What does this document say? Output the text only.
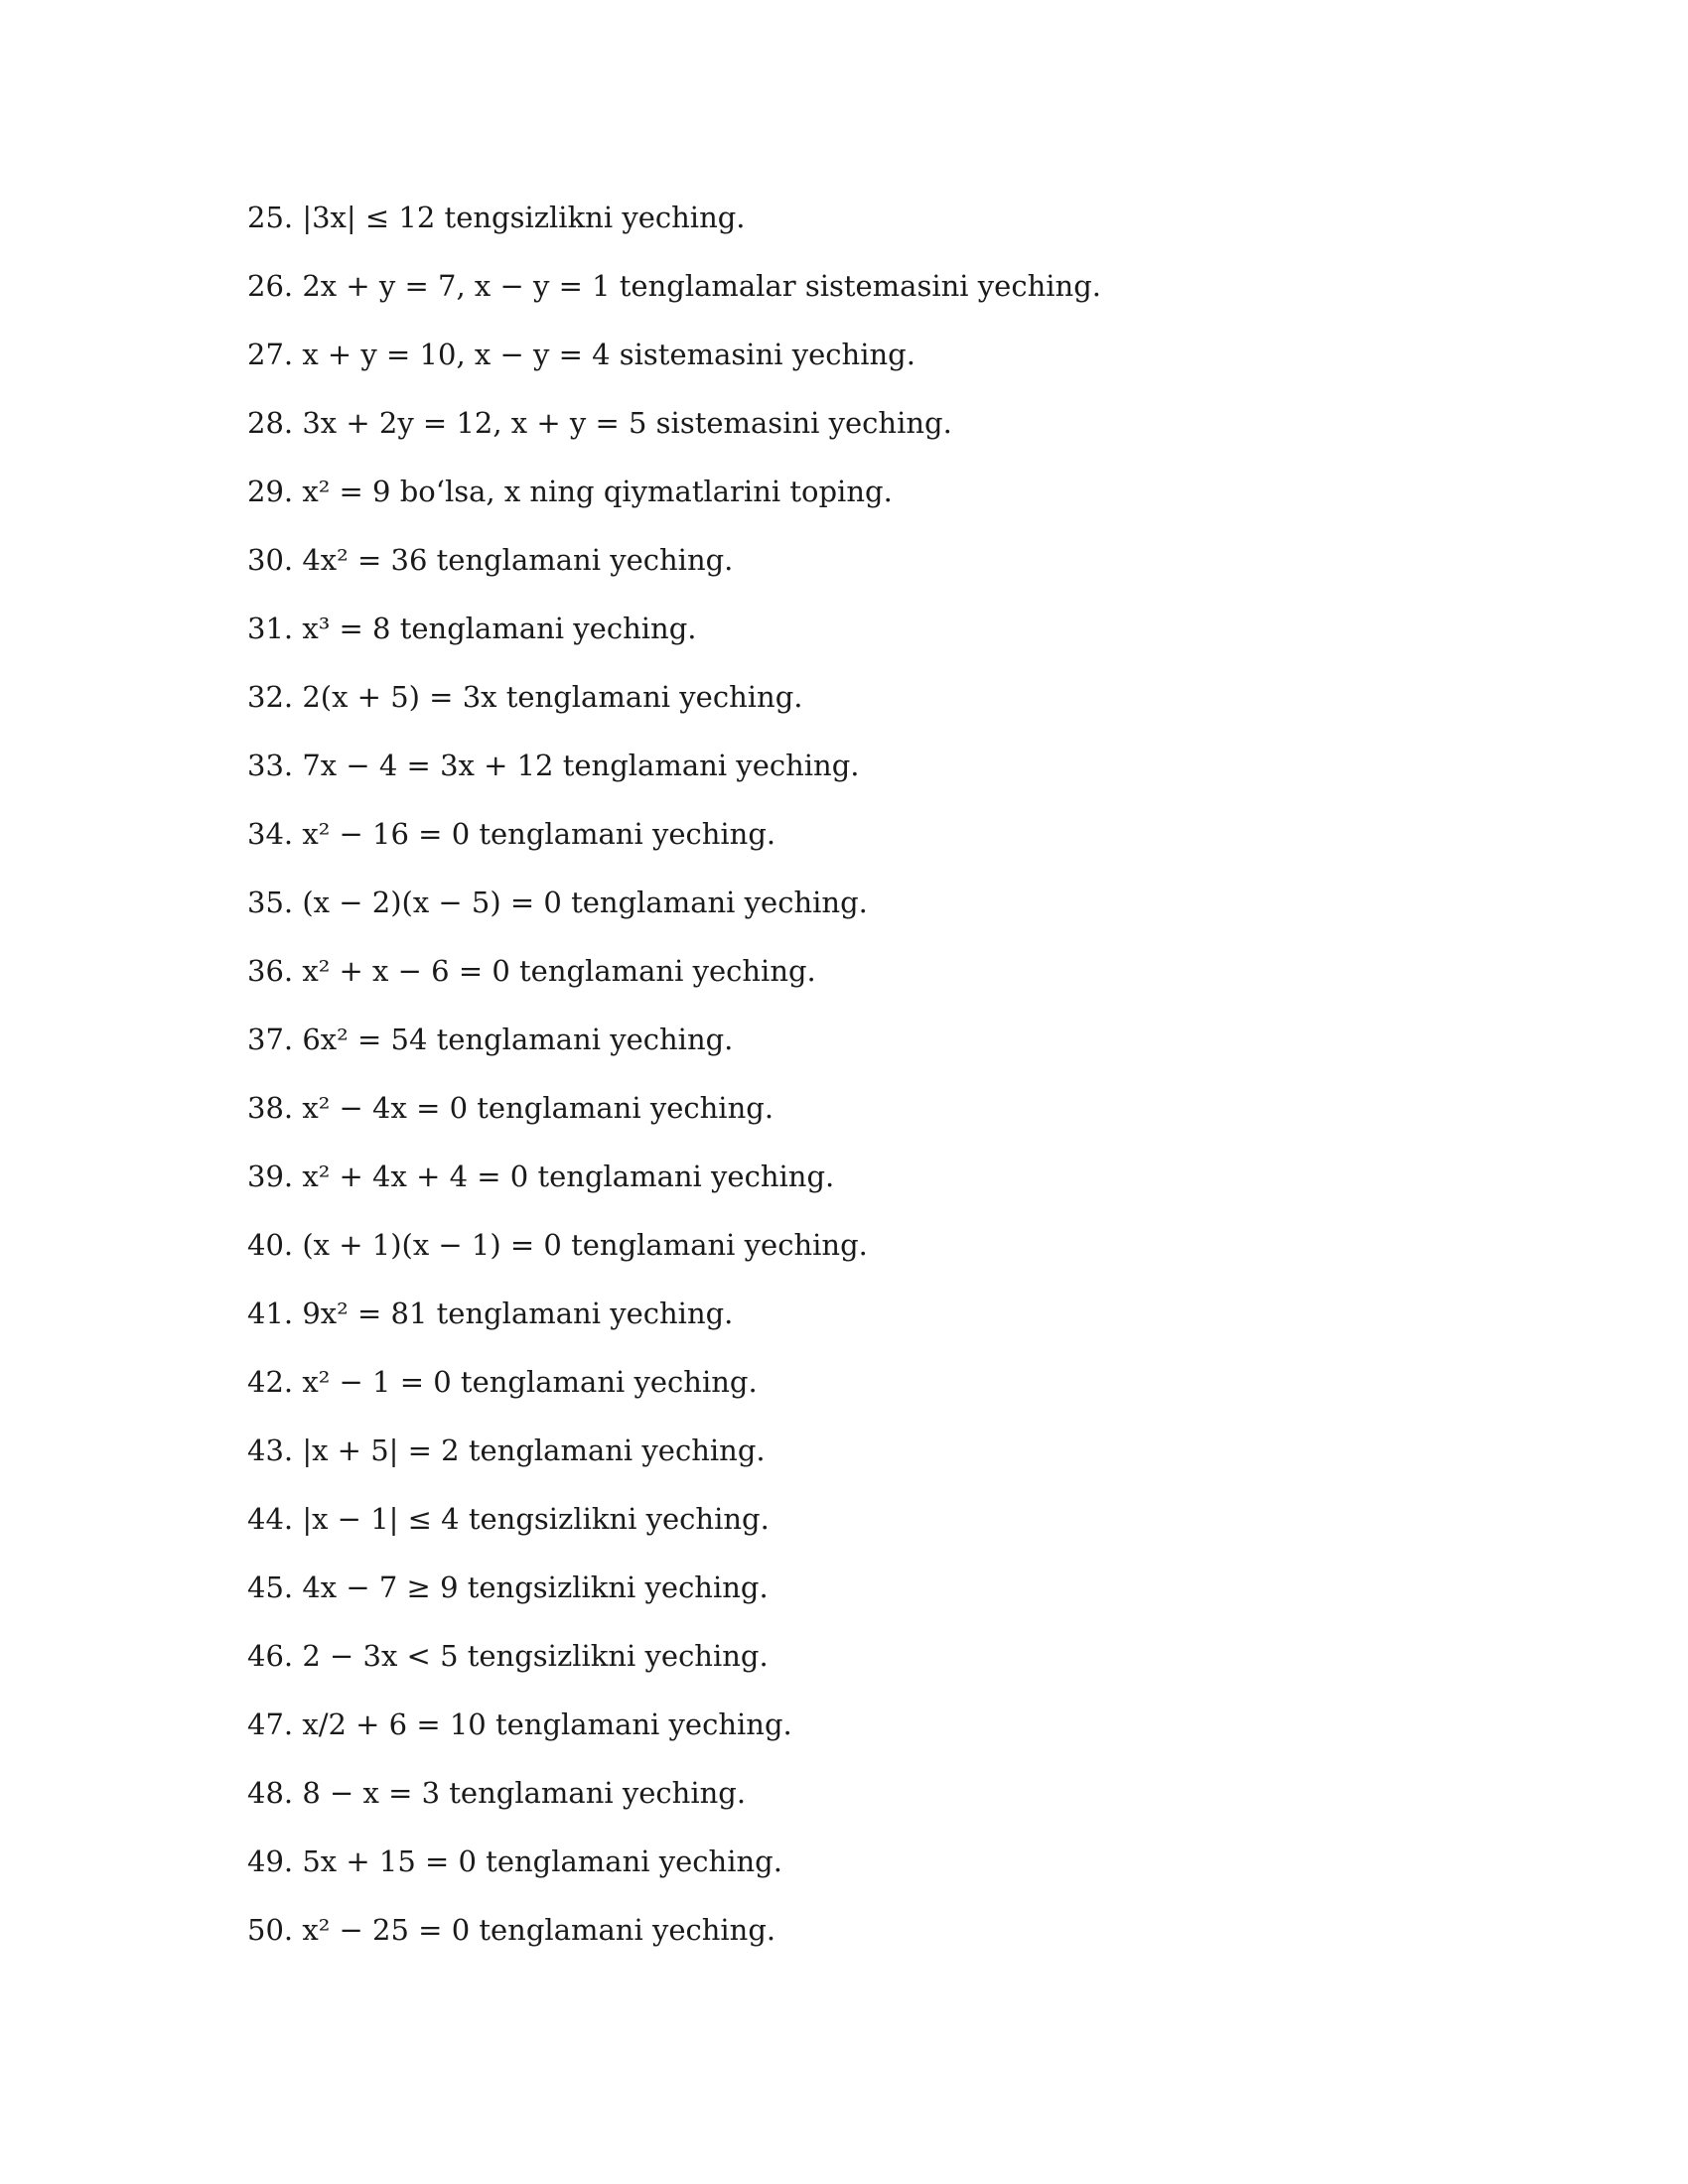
25. |3x| ≤ 12 tengsizlikni yeching.
26. 2x + y = 7, x − y = 1 tenglamalar sistemasini yeching.
27. x + y = 10, x − y = 4 sistemasini yeching.
28. 3x + 2y = 12, x + y = 5 sistemasini yeching.
29. x² = 9 bo‘lsa, x ning qiymatlarini toping.
30. 4x² = 36 tenglamani yeching.
31. x³ = 8 tenglamani yeching.
32. 2(x + 5) = 3x tenglamani yeching.
33. 7x − 4 = 3x + 12 tenglamani yeching.
34. x² − 16 = 0 tenglamani yeching.
35. (x − 2)(x − 5) = 0 tenglamani yeching.
36. x² + x − 6 = 0 tenglamani yeching.
37. 6x² = 54 tenglamani yeching.
38. x² − 4x = 0 tenglamani yeching.
39. x² + 4x + 4 = 0 tenglamani yeching.
40. (x + 1)(x − 1) = 0 tenglamani yeching.
41. 9x² = 81 tenglamani yeching.
42. x² − 1 = 0 tenglamani yeching.
43. |x + 5| = 2 tenglamani yeching.
44. |x − 1| ≤ 4 tengsizlikni yeching.
45. 4x − 7 ≥ 9 tengsizlikni yeching.
46. 2 − 3x < 5 tengsizlikni yeching.
47. x/2 + 6 = 10 tenglamani yeching.
48. 8 − x = 3 tenglamani yeching.
49. 5x + 15 = 0 tenglamani yeching.
50. x² − 25 = 0 tenglamani yeching.
